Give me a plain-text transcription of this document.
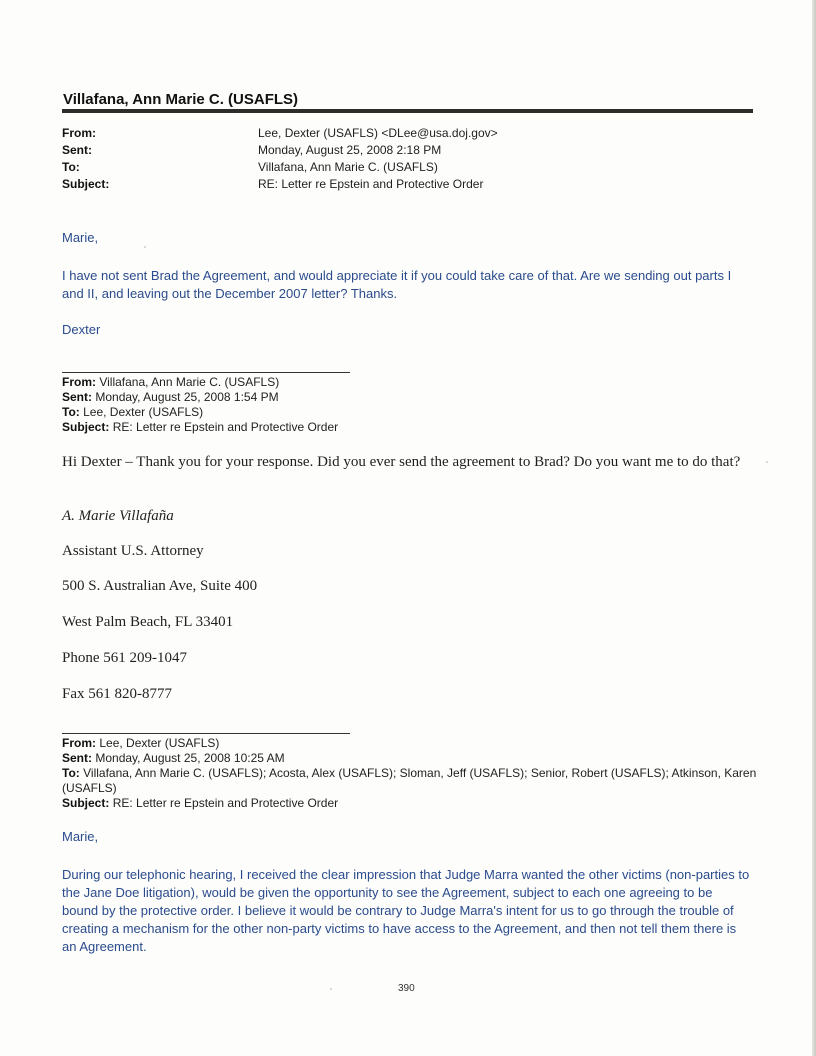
Villafana, Ann Marie C. (USAFLS)
From:	Lee, Dexter (USAFLS) <DLee@usa.doj.gov>
Sent:	Monday, August 25, 2008 2:18 PM
To:	Villafana, Ann Marie C. (USAFLS)
Subject:	RE: Letter re Epstein and Protective Order
Marie,
I have not sent Brad the Agreement, and would appreciate it if you could take care of that. Are we sending out parts I and II, and leaving out the December 2007 letter? Thanks.
Dexter
From: Villafana, Ann Marie C. (USAFLS)
Sent: Monday, August 25, 2008 1:54 PM
To: Lee, Dexter (USAFLS)
Subject: RE: Letter re Epstein and Protective Order
Hi Dexter – Thank you for your response. Did you ever send the agreement to Brad? Do you want me to do that?
A. Marie Villafaña
Assistant U.S. Attorney
500 S. Australian Ave, Suite 400
West Palm Beach, FL 33401
Phone 561 209-1047
Fax 561 820-8777
From: Lee, Dexter (USAFLS)
Sent: Monday, August 25, 2008 10:25 AM
To: Villafana, Ann Marie C. (USAFLS); Acosta, Alex (USAFLS); Sloman, Jeff (USAFLS); Senior, Robert (USAFLS); Atkinson, Karen (USAFLS)
Subject: RE: Letter re Epstein and Protective Order
Marie,
During our telephonic hearing, I received the clear impression that Judge Marra wanted the other victims (non-parties to the Jane Doe litigation), would be given the opportunity to see the Agreement, subject to each one agreeing to be bound by the protective order. I believe it would be contrary to Judge Marra's intent for us to go through the trouble of creating a mechanism for the other non-party victims to have access to the Agreement, and then not tell them there is an Agreement.
390
